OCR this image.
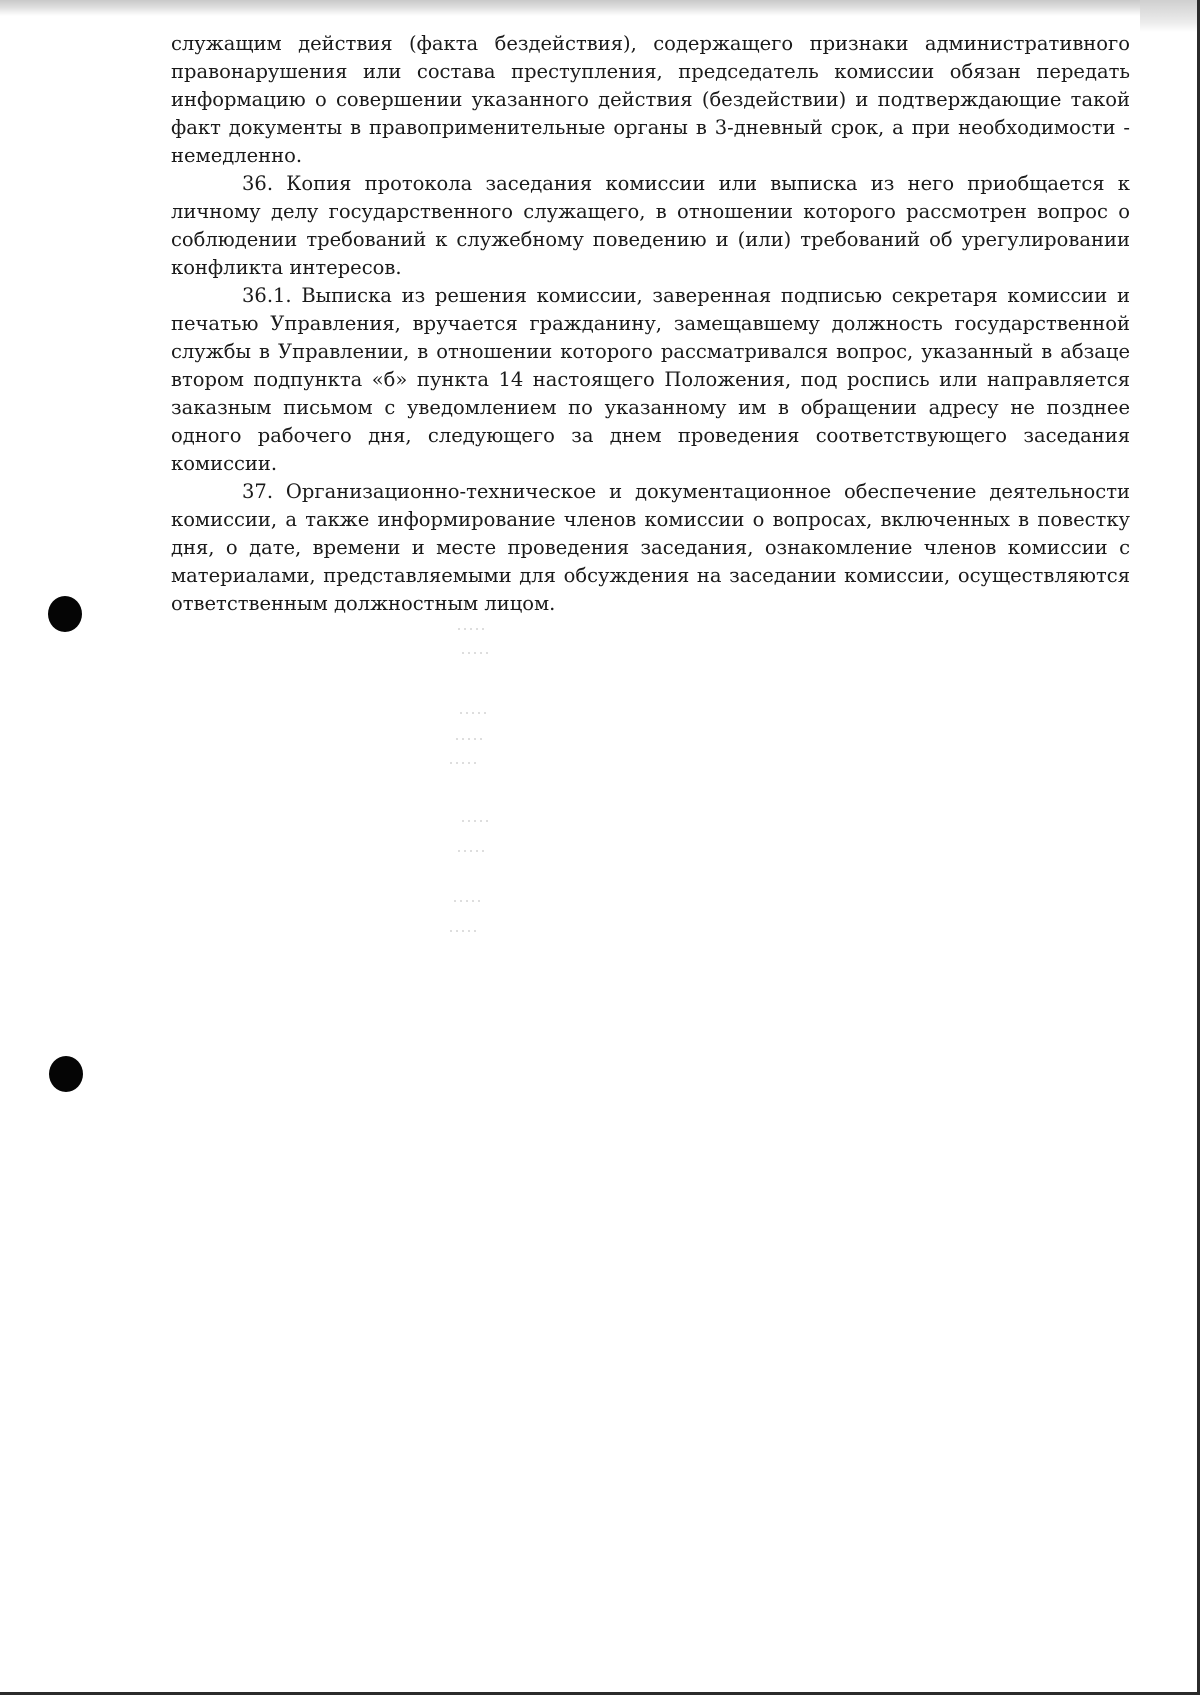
служащим действия (факта бездействия), содержащего признаки административного правонарушения или состава преступления, председатель комиссии обязан передать информацию о совершении указанного действия (бездействии) и подтверждающие такой факт документы в правоприменительные органы в 3-дневный срок, а при необходимости - немедленно.

36. Копия протокола заседания комиссии или выписка из него приобщается к личному делу государственного служащего, в отношении которого рассмотрен вопрос о соблюдении требований к служебному поведению и (или) требований об урегулировании конфликта интересов.

36.1. Выписка из решения комиссии, заверенная подписью секретаря комиссии и печатью Управления, вручается гражданину, замещавшему должность государственной службы в Управлении, в отношении которого рассматривался вопрос, указанный в абзаце втором подпункта «б» пункта 14 настоящего Положения, под роспись или направляется заказным письмом с уведомлением по указанному им в обращении адресу не позднее одного рабочего дня, следующего за днем проведения соответствующего заседания комиссии.

37. Организационно-техническое и документационное обеспечение деятельности комиссии, а также информирование членов комиссии о вопросах, включенных в повестку дня, о дате, времени и месте проведения заседания, ознакомление членов комиссии с материалами, представляемыми для обсуждения на заседании комиссии, осуществляются ответственным должностным лицом.
